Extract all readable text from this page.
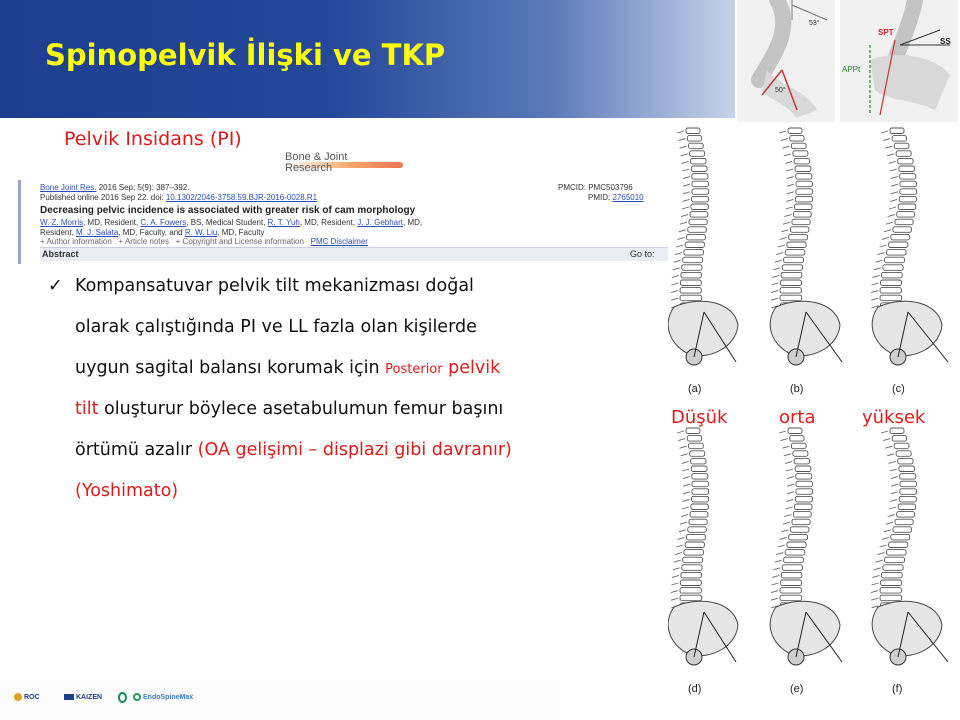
Spinopelvik İlişki ve TKP
53°
50°
SPT
SS
APPt
Pelvik Insidans (PI)
Bone & Joint
Research
Bone Joint Res. 2016 Sep; 5(9): 387–392.	PMCID: PMC503796
Published online 2016 Sep 22. doi: 10.1302/2046-3758.59.BJR-2016-0028.R1	PMID: 2765010
Decreasing pelvic incidence is associated with greater risk of cam morphology
W. Z. Morris, MD, Resident, C. A. Fowers, BS, Medical Student, R. T. Yuh, MD, Resident, J. J. Gebhart, MD,
Resident, M. J. Salata, MD, Faculty, and R. W. Liu, MD, Faculty
+ Author information + Article notes + Copyright and License information PMC Disclaimer
Abstract	Go to:
✓ Kompansatuvar pelvik tilt mekanizması doğal
olarak çalıştığında PI ve LL fazla olan kişilerde
uygun sagital balansı korumak için Posterior pelvik
tilt oluşturur böylece asetabulumun femur başını
örtümü azalır (OA gelişimi – displazi gibi davranır)
(Yoshimato)
(a)	(b)	(c)
(d)	(e)	(f)
Düşük	orta	yüksek
ROC	KAIZEN	EndoSpineMax
